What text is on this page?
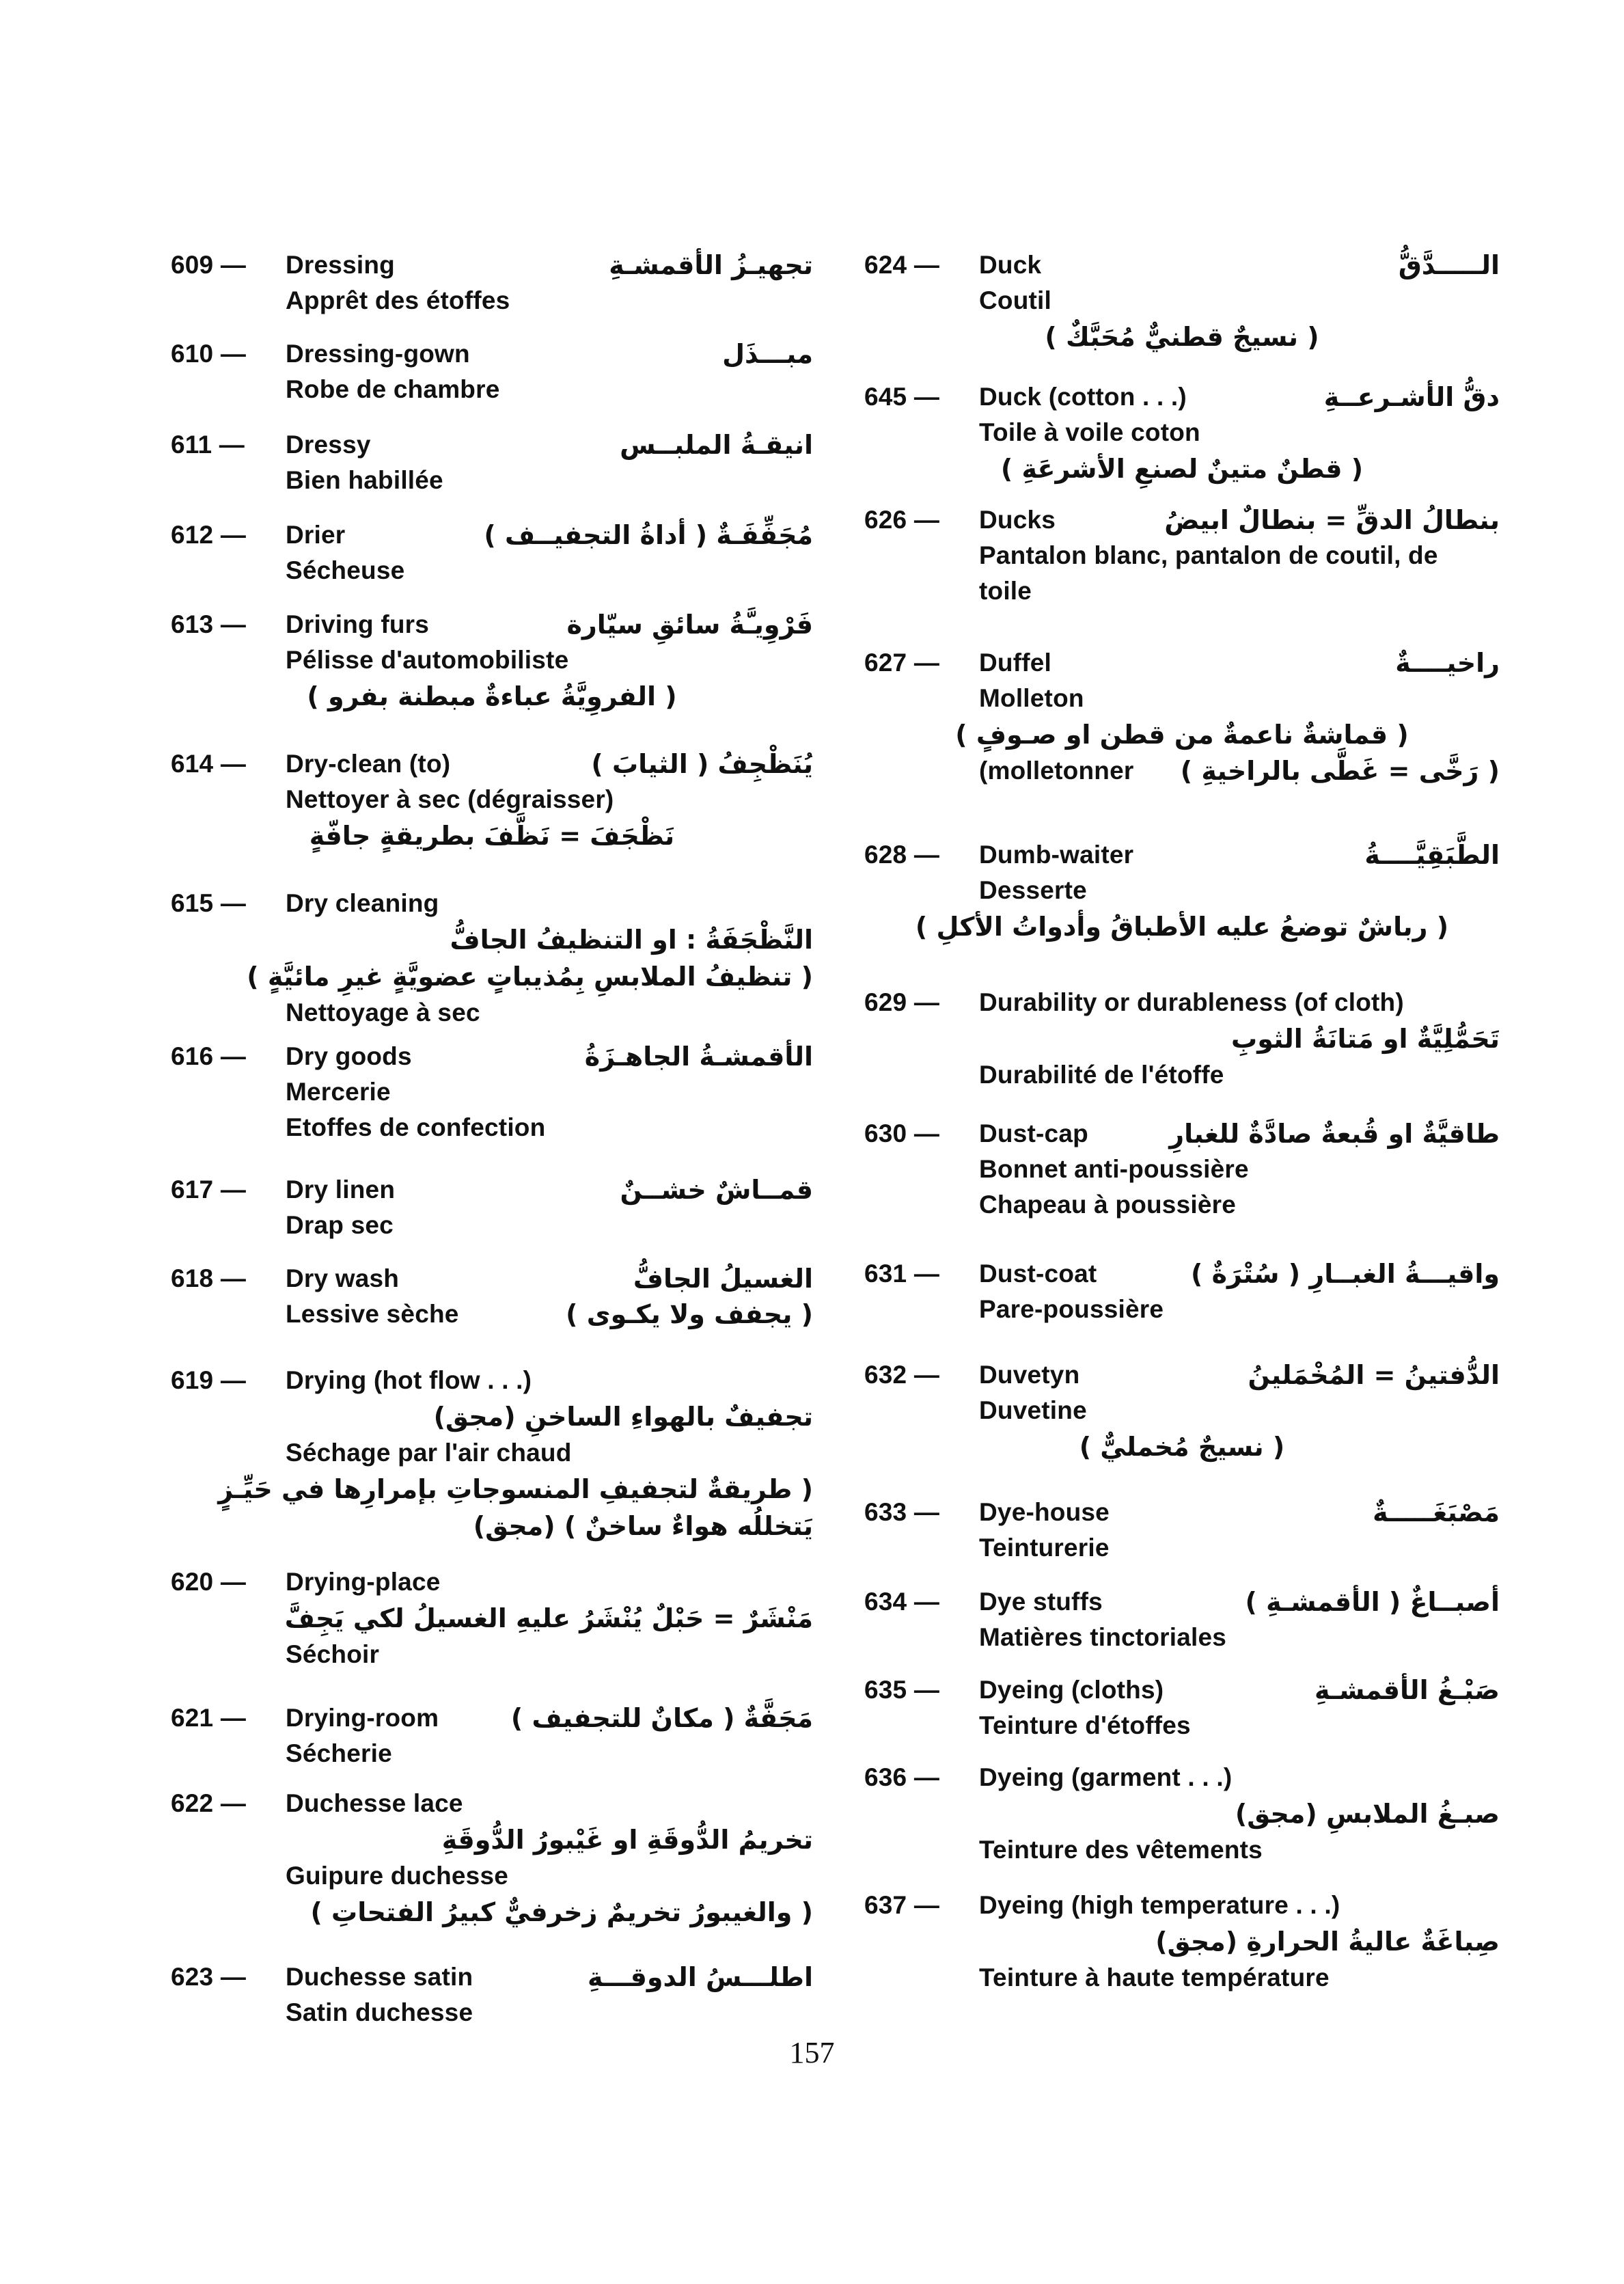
609 —	Dressing	تجهيـزُ الأقمشـةِ
Apprêt des étoffes
610 —	Dressing-gown	مبـــذَل
Robe de chambre
611 —	Dressy	انيقـةُ الملبــس
Bien habillée
612 —	Drier	مُجَفِّفَـةٌ ( أداةُ التجفيــف )
Sécheuse
613 —	Driving furs	فَرْوِيـَّةُ سائقِ سيّارة
Pélisse d'automobiliste
( الفروِيَّةُ عباءةٌ مبطنة بفرو )
614 —	Dry-clean (to)	يُنَظْجِفُ ( الثيابَ )
Nettoyer à sec (dégraisser)
نَظْجَفَ = نَظَّفَ بطريقةٍ جافّةٍ
615 —	Dry cleaning
النَّظْجَفَةُ : او التنظيفُ الجافُّ
( تنظيفُ الملابسِ بِمُذيباتٍ عضويَّةٍ غيرِ مائيَّةٍ )
Nettoyage à sec
616 —	Dry goods	الأقمشـةُ الجاهـزَةُ
Mercerie
Etoffes de confection
617 —	Dry linen	قمــاشٌ خشــنٌ
Drap sec
618 —	Dry wash	الغسيلُ الجافُّ
Lessive sèche	( يجفف ولا يكـوى )
619 —	Drying (hot flow . . .)
تجفيفٌ بالهواءِ الساخنِ (مجق)
Séchage par l'air chaud
( طريقةٌ لتجفيفِ المنسوجاتِ بإمرارِها في حَيِّـزٍ
يَتخللُه هواءٌ ساخنٌ ) (مجق)
620 —	Drying-place
مَنْشَرٌ = حَبْلٌ يُنْشَرُ عليهِ الغسيلُ لكي يَجِفَّ
Séchoir
621 —	Drying-room	مَجَفَّةٌ ( مكانٌ للتجفيف )
Sécherie
622 —	Duchesse lace
تخريمُ الدُّوقَةِ او غَيْبورُ الدُّوقَةِ
Guipure duchesse
( والغيبورُ تخريمٌ زخرفيٌّ كبيرُ الفتحاتِ )
623 —	Duchesse satin	اطلـــسُ الدوقـــةِ
Satin duchesse
624 —	Duck	الـــــدَّقُّ
Coutil
( نسيجٌ قطنيٌّ مُحَبَّكٌ )
645 —	Duck (cotton . . .)	دقُّ الأشـرعــةِ
Toile à voile coton
( قطنٌ متينٌ لصنعِ الأشرعَةِ )
626 —	Ducks	بنطالُ الدقِّ = بنطالٌ ابيضُ
Pantalon blanc, pantalon de coutil, de
toile
627 —	Duffel	راخيــــةٌ
Molleton
( قماشةٌ ناعمةٌ من قطن او صـوفٍ )
(molletonner ( رَخَّى = غَطَّى بالراخيةِ )
628 —	Dumb-waiter	الطَّبَقِيَّــــةُ
Desserte
( رباشٌ توضعُ عليه الأطباقُ وأدواتُ الأكلِ )
629 —	Durability or durableness (of cloth)
تَحَمُّلِيَّةٌ او مَتانَةُ الثوبِ
Durabilité de l'étoffe
630 —	Dust-cap	طاقيَّةٌ او قُبعةٌ صادَّةٌ للغبارِ
Bonnet anti-poussière
Chapeau à poussière
631 —	Dust-coat	واقيـــةُ الغبــارِ ( سُتْرَةٌ )
Pare-poussière
632 —	Duvetyn	الدُّفتينُ = المُخْمَلينُ
Duvetine
( نسيجٌ مُخمليٌّ )
633 —	Dye-house	مَصْبَغَـــــةٌ
Teinturerie
634 —	Dye stuffs	أصبــاغٌ ( الأقمشـةِ )
Matières tinctoriales
635 —	Dyeing (cloths)	صَبْـغُ الأقمشـةِ
Teinture d'étoffes
636 —	Dyeing (garment . . .)
صبـغُ الملابسِ (مجق)
Teinture des vêtements
637 —	Dyeing (high temperature . . .)
صِباغَةٌ عاليةُ الحرارةِ (مجق)
Teinture à haute température
157
